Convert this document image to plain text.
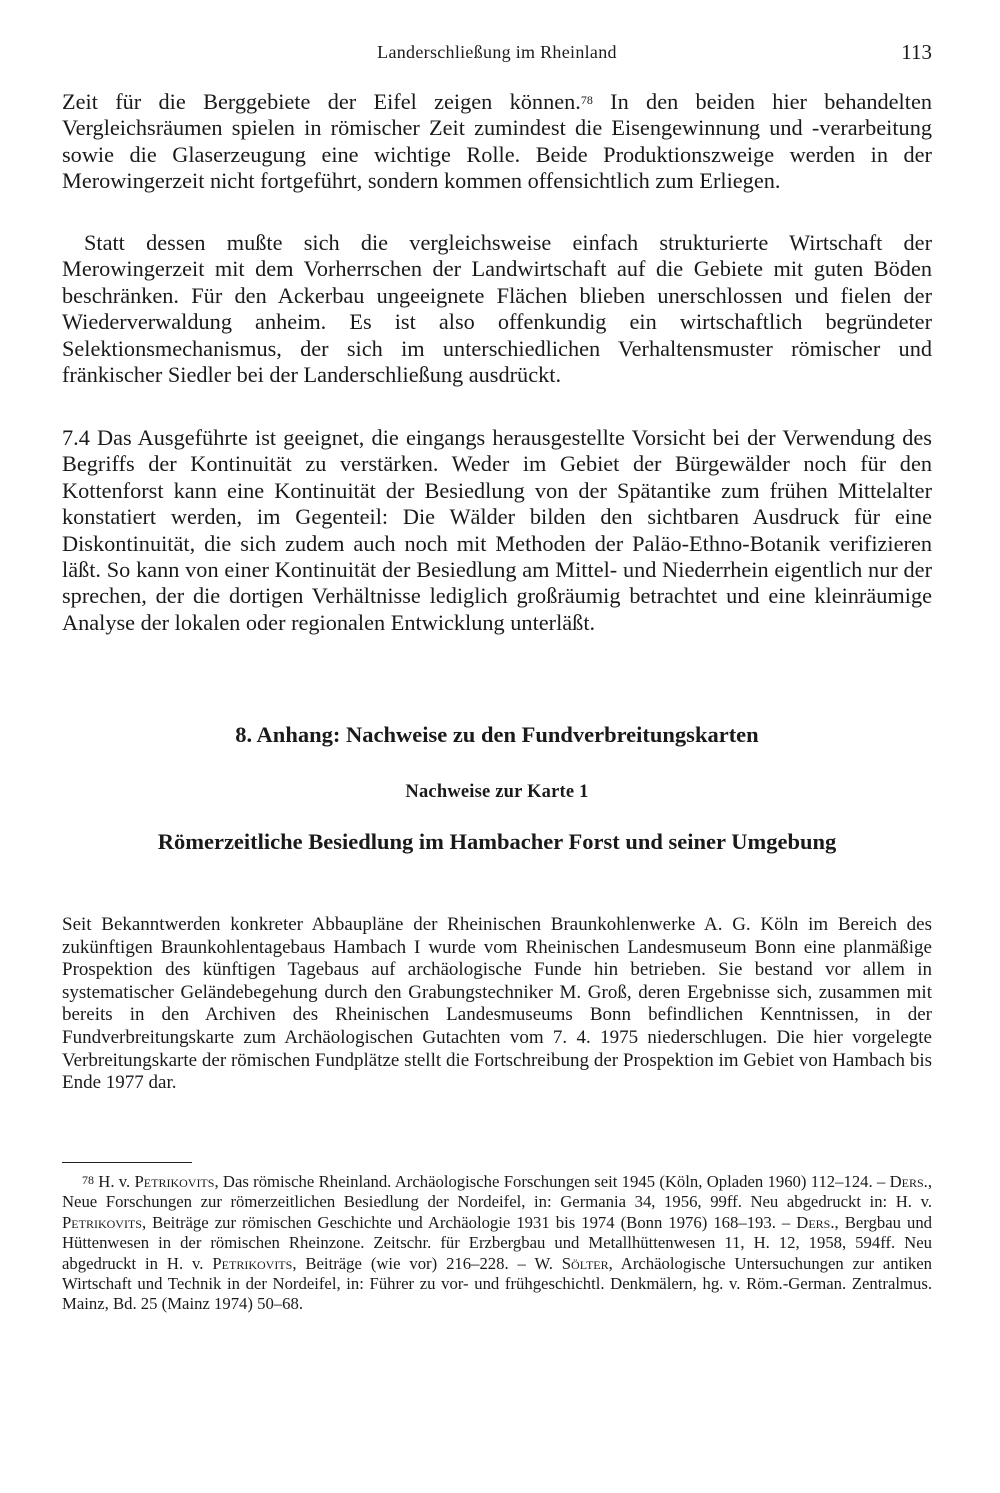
Landerschließung im Rheinland	113

Zeit für die Berggebiete der Eifel zeigen können.$^{78}$ In den beiden hier behandelten Vergleichsräumen spielen in römischer Zeit zumindest die Eisengewinnung und -verarbeitung sowie die Glaserzeugung eine wichtige Rolle. Beide Produktionszweige werden in der Merowingerzeit nicht fortgeführt, sondern kommen offensichtlich zum Erliegen.

Statt dessen mußte sich die vergleichsweise einfach strukturierte Wirtschaft der Merowingerzeit mit dem Vorherrschen der Landwirtschaft auf die Gebiete mit guten Böden beschränken. Für den Ackerbau ungeeignete Flächen blieben unerschlossen und fielen der Wiederverwaldung anheim. Es ist also offenkundig ein wirtschaftlich begründeter Selektionsmechanismus, der sich im unterschiedlichen Verhaltensmuster römischer und fränkischer Siedler bei der Landerschließung ausdrückt.

7.4 Das Ausgeführte ist geeignet, die eingangs herausgestellte Vorsicht bei der Verwendung des Begriffs der Kontinuität zu verstärken. Weder im Gebiet der Bürgewälder noch für den Kottenforst kann eine Kontinuität der Besiedlung von der Spätantike zum frühen Mittelalter konstatiert werden, im Gegenteil: Die Wälder bilden den sichtbaren Ausdruck für eine Diskontinuität, die sich zudem auch noch mit Methoden der Paläo-Ethno-Botanik verifizieren läßt. So kann von einer Kontinuität der Besiedlung am Mittel- und Niederrhein eigentlich nur der sprechen, der die dortigen Verhältnisse lediglich großräumig betrachtet und eine kleinräumige Analyse der lokalen oder regionalen Entwicklung unterläßt.

8. Anhang: Nachweise zu den Fundverbreitungskarten
Nachweise zur Karte 1
Römerzeitliche Besiedlung im Hambacher Forst und seiner Umgebung

Seit Bekanntwerden konkreter Abbaupläne der Rheinischen Braunkohlenwerke A. G. Köln im Bereich des zukünftigen Braunkohlentagebaus Hambach I wurde vom Rheinischen Landesmuseum Bonn eine planmäßige Prospektion des künftigen Tagebaus auf archäologische Funde hin betrieben. Sie bestand vor allem in systematischer Geländebegehung durch den Grabungstechniker M. Groß, deren Ergebnisse sich, zusammen mit bereits in den Archiven des Rheinischen Landesmuseums Bonn befindlichen Kenntnissen, in der Fundverbreitungskarte zum Archäologischen Gutachten vom 7. 4. 1975 niederschlugen. Die hier vorgelegte Verbreitungskarte der römischen Fundplätze stellt die Fortschreibung der Prospektion im Gebiet von Hambach bis Ende 1977 dar.

$^{78}$ H. v. Petrikovits, Das römische Rheinland. Archäologische Forschungen seit 1945 (Köln, Opladen 1960) 112–124. – Ders., Neue Forschungen zur römerzeitlichen Besiedlung der Nordeifel, in: Germania 34, 1956, 99ff. Neu abgedruckt in: H. v. Petrikovits, Beiträge zur römischen Geschichte und Archäologie 1931 bis 1974 (Bonn 1976) 168–193. – Ders., Bergbau und Hüttenwesen in der römischen Rheinzone. Zeitschr. für Erzbergbau und Metallhüttenwesen 11, H. 12, 1958, 594ff. Neu abgedruckt in H. v. Petrikovits, Beiträge (wie vor) 216–228. – W. Sölter, Archäologische Untersuchungen zur antiken Wirtschaft und Technik in der Nordeifel, in: Führer zu vor- und frühgeschichtl. Denkmälern, hg. v. Röm.-German. Zentralmus. Mainz, Bd. 25 (Mainz 1974) 50–68.
